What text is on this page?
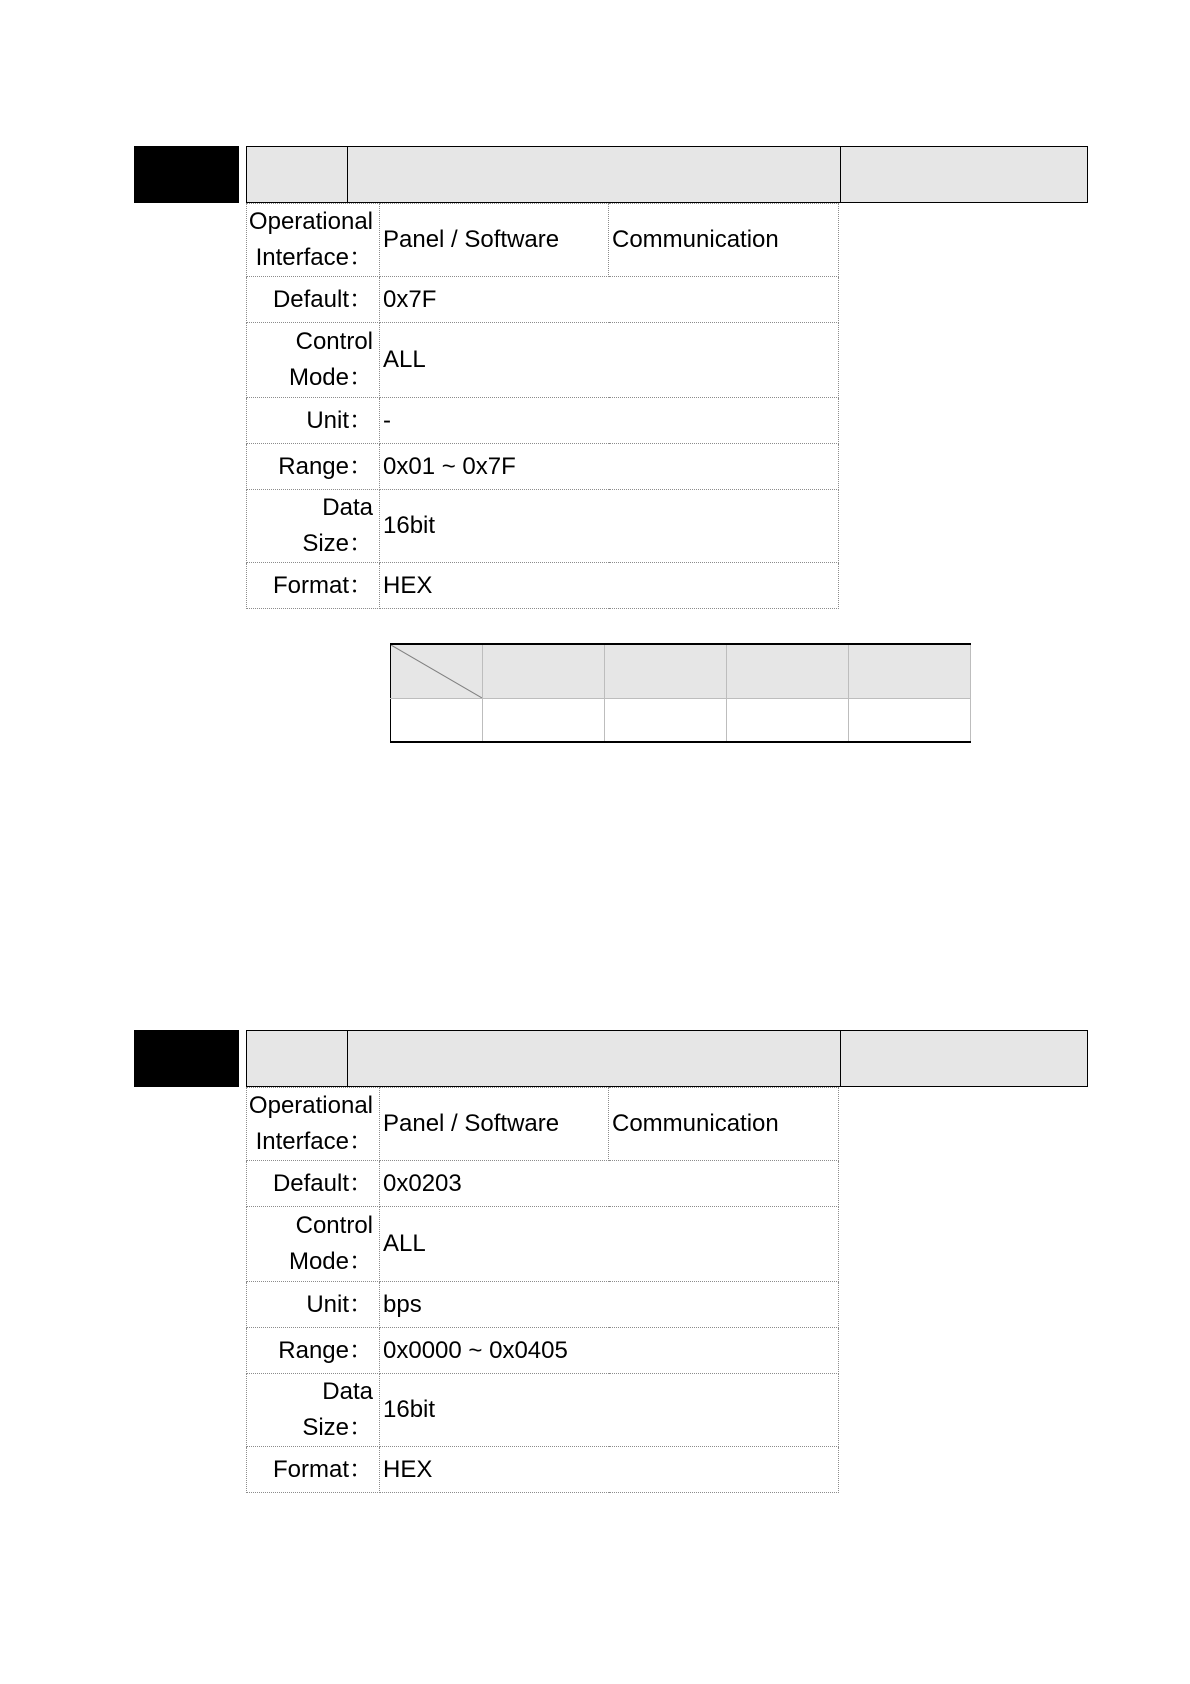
Operational
Interface：	Panel / Software	Communication
Default：	0x7F	
Control
Mode：	ALL	
Unit：	-	
Range：	0x01 ~ 0x7F	
Data Size：	16bit	
Format：	HEX	

Operational
Interface：	Panel / Software	Communication
Default：	0x0203	
Control
Mode：	ALL	
Unit：	bps	
Range：	0x0000 ~ 0x0405	
Data Size：	16bit	
Format：	HEX	
